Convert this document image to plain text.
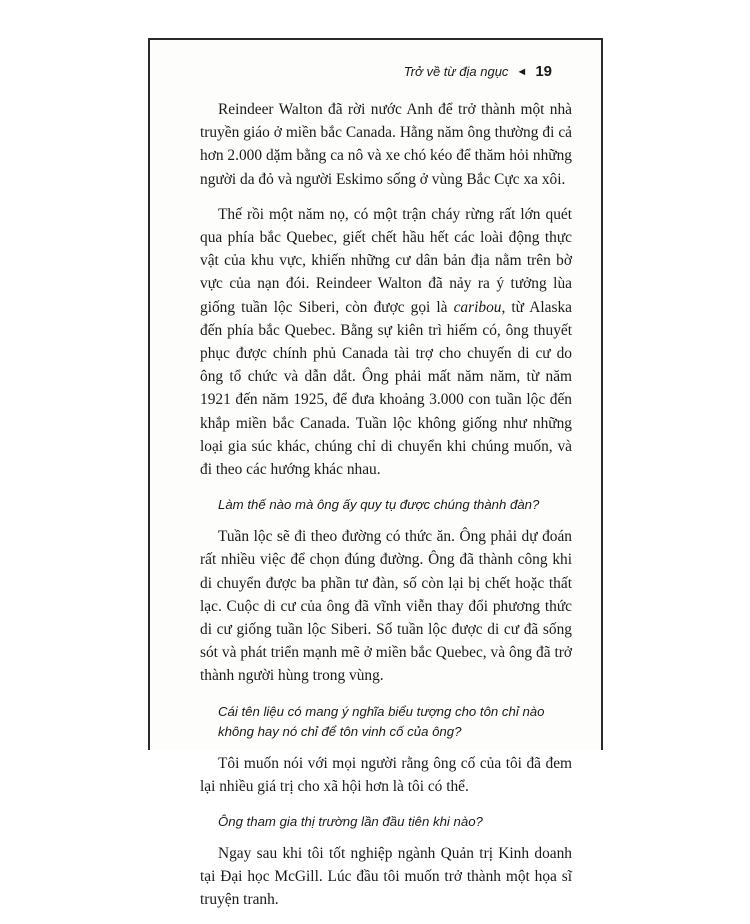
Trở về từ địa ngục ◄ 19

Reindeer Walton đã rời nước Anh để trở thành một nhà truyền giáo ở miền bắc Canada. Hằng năm ông thường đi cả hơn 2.000 dặm bằng ca nô và xe chó kéo để thăm hỏi những người da đỏ và người Eskimo sống ở vùng Bắc Cực xa xôi.

Thế rồi một năm nọ, có một trận cháy rừng rất lớn quét qua phía bắc Quebec, giết chết hầu hết các loài động thực vật của khu vực, khiến những cư dân bản địa nằm trên bờ vực của nạn đói. Reindeer Walton đã nảy ra ý tưởng lùa giống tuần lộc Siberi, còn được gọi là caribou, từ Alaska đến phía bắc Quebec. Bằng sự kiên trì hiếm có, ông thuyết phục được chính phủ Canada tài trợ cho chuyến di cư do ông tổ chức và dẫn dắt. Ông phải mất năm năm, từ năm 1921 đến năm 1925, để đưa khoảng 3.000 con tuần lộc đến khắp miền bắc Canada. Tuần lộc không giống như những loại gia súc khác, chúng chỉ di chuyển khi chúng muốn, và đi theo các hướng khác nhau.

Làm thế nào mà ông ấy quy tụ được chúng thành đàn?

Tuần lộc sẽ đi theo đường có thức ăn. Ông phải dự đoán rất nhiều việc để chọn đúng đường. Ông đã thành công khi di chuyển được ba phần tư đàn, số còn lại bị chết hoặc thất lạc. Cuộc di cư của ông đã vĩnh viễn thay đổi phương thức di cư giống tuần lộc Siberi. Số tuần lộc được di cư đã sống sót và phát triển mạnh mẽ ở miền bắc Quebec, và ông đã trở thành người hùng trong vùng.

Cái tên liệu có mang ý nghĩa biểu tượng cho tôn chỉ nào không hay nó chỉ để tôn vinh cố của ông?

Tôi muốn nói với mọi người rằng ông cố của tôi đã đem lại nhiều giá trị cho xã hội hơn là tôi có thể.

Ông tham gia thị trường lần đầu tiên khi nào?

Ngay sau khi tôi tốt nghiệp ngành Quản trị Kinh doanh tại Đại học McGill. Lúc đầu tôi muốn trở thành một họa sĩ truyện tranh.
